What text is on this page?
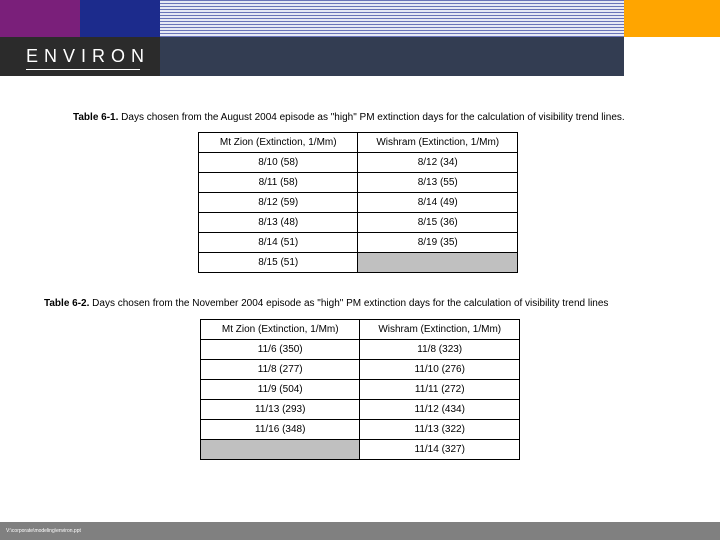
ENVIRON
Table 6-1. Days chosen from the August 2004 episode as "high" PM extinction days for the calculation of visibility trend lines.
Mt Zion (Extinction, 1/Mm)	Wishram (Extinction, 1/Mm)
8/10 (58)	8/12 (34)
8/11 (58)	8/13 (55)
8/12 (59)	8/14 (49)
8/13 (48)	8/15 (36)
8/14 (51)	8/19 (35)
8/15 (51)	
Table 6-2. Days chosen from the November 2004 episode as "high" PM extinction days for the calculation of visibility trend lines
Mt Zion (Extinction, 1/Mm)	Wishram (Extinction, 1/Mm)
11/6 (350)	11/8 (323)
11/8 (277)	11/10 (276)
11/9 (504)	11/11 (272)
11/13 (293)	11/12 (434)
11/16 (348)	11/13 (322)
	11/14 (327)
V:\corporate\modeling\environ.ppt
